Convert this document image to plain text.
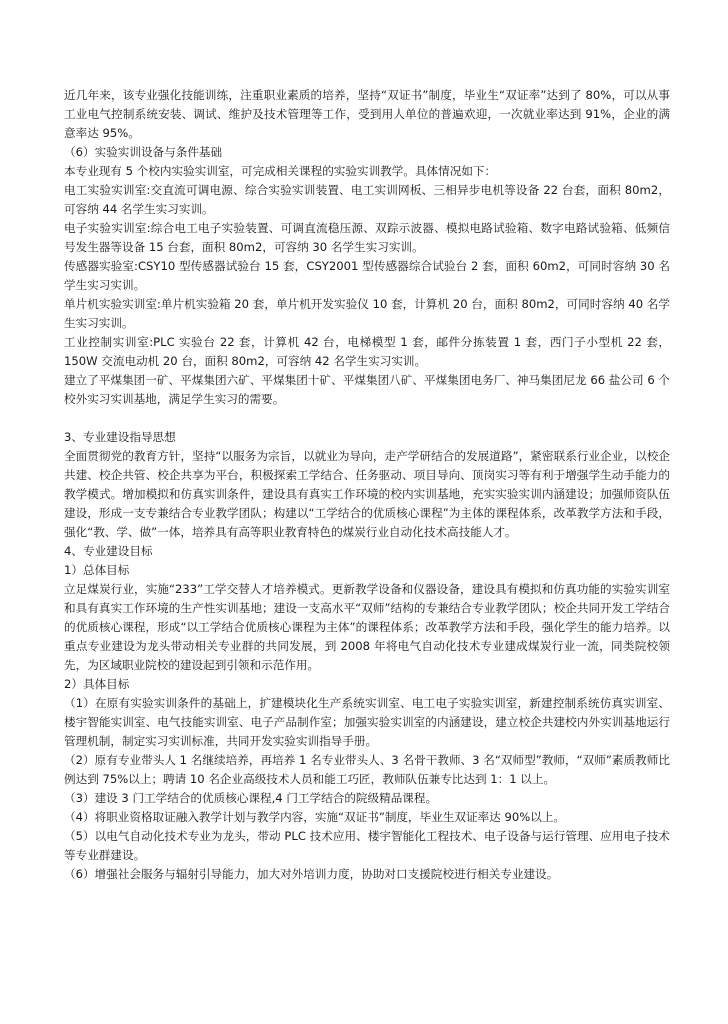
近几年来，该专业强化技能训练，注重职业素质的培养，坚持“双证书”制度，毕业生“双证率”达到了 80%，可以从事工业电气控制系统安装、调试、维护及技术管理等工作，受到用人单位的普遍欢迎，一次就业率达到 91%，企业的满意率达 95%。

（6）实验实训设备与条件基础

本专业现有 5 个校内实验实训室，可完成相关课程的实验实训教学。具体情况如下：

电工实验实训室:交直流可调电源、综合实验实训装置、电工实训网板、三相异步电机等设备 22 台套，面积 80m2，可容纳 44 名学生实习实训。

电子实验实训室:综合电工电子实验装置、可调直流稳压源、双踪示波器、模拟电路试验箱、数字电路试验箱、低频信号发生器等设备 15 台套，面积 80m2，可容纳 30 名学生实习实训。

传感器实验室:CSY10 型传感器试验台 15 套，CSY2001 型传感器综合试验台 2 套，面积 60m2，可同时容纳 30 名学生实习实训。

单片机实验实训室:单片机实验箱 20 套，单片机开发实验仪 10 套，计算机 20 台，面积 80m2，可同时容纳 40 名学生实习实训。

工业控制实训室:PLC 实验台 22 套，计算机 42 台，电梯模型 1 套，邮件分拣装置 1 套，西门子小型机 22 套，150W 交流电动机 20 台，面积 80m2，可容纳 42 名学生实习实训。

建立了平煤集团一矿、平煤集团六矿、平煤集团十矿、平煤集团八矿、平煤集团电务厂、神马集团尼龙 66 盐公司 6 个校外实习实训基地，满足学生实习的需要。

3、专业建设指导思想

全面贯彻党的教育方针，坚持“以服务为宗旨，以就业为导向，走产学研结合的发展道路”，紧密联系行业企业，以校企共建、校企共管、校企共享为平台，积极探索工学结合、任务驱动、项目导向、顶岗实习等有利于增强学生动手能力的教学模式。增加模拟和仿真实训条件，建设具有真实工作环境的校内实训基地，充实实验实训内涵建设；加强师资队伍建设，形成一支专兼结合专业教学团队；构建以“工学结合的优质核心课程”为主体的课程体系，改革教学方法和手段，强化“教、学、做”一体，培养具有高等职业教育特色的煤炭行业自动化技术高技能人才。

4、专业建设目标

1）总体目标

立足煤炭行业，实施“233”工学交替人才培养模式。更新教学设备和仪器设备，建设具有模拟和仿真功能的实验实训室和具有真实工作环境的生产性实训基地；建设一支高水平“双师”结构的专兼结合专业教学团队；校企共同开发工学结合的优质核心课程，形成“以工学结合优质核心课程为主体”的课程体系；改革教学方法和手段，强化学生的能力培养。以重点专业建设为龙头带动相关专业群的共同发展，到 2008 年将电气自动化技术专业建成煤炭行业一流，同类院校领先，为区域职业院校的建设起到引领和示范作用。

2）具体目标

（1）在原有实验实训条件的基础上，扩建模块化生产系统实训室、电工电子实验实训室，新建控制系统仿真实训室、楼宇智能实训室、电气技能实训室、电子产品制作室；加强实验实训室的内涵建设，建立校企共建校内外实训基地运行管理机制，制定实习实训标准，共同开发实验实训指导手册。

（2）原有专业带头人 1 名继续培养，再培养 1 名专业带头人、3 名骨干教师、3 名“双师型”教师，“双师”素质教师比例达到 75%以上；聘请 10 名企业高级技术人员和能工巧匠，教师队伍兼专比达到 1：1 以上。

（3）建设 3 门工学结合的优质核心课程,4 门工学结合的院级精品课程。

（4）将职业资格取证融入教学计划与教学内容，实施“双证书”制度，毕业生双证率达 90%以上。

（5）以电气自动化技术专业为龙头，带动 PLC 技术应用、楼宇智能化工程技术、电子设备与运行管理、应用电子技术等专业群建设。

（6）增强社会服务与辐射引导能力，加大对外培训力度，协助对口支援院校进行相关专业建设。
